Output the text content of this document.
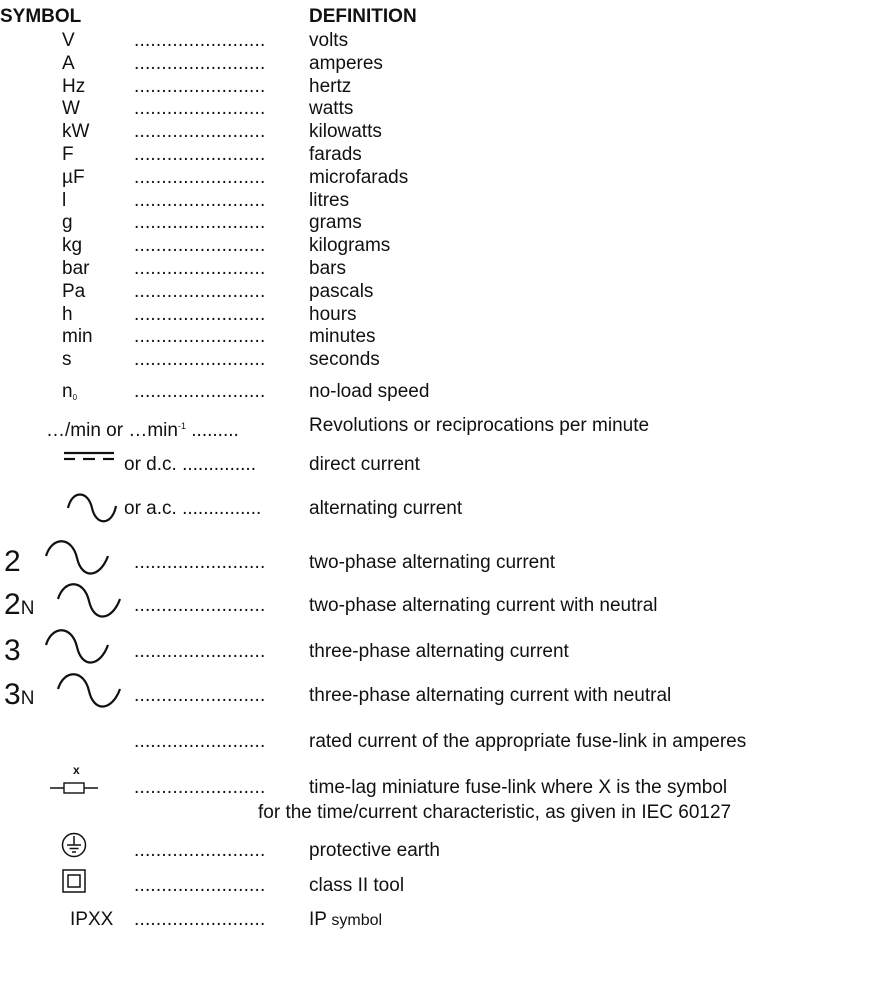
SYMBOL	DEFINITION
V	........................ volts
A	........................ amperes
Hz	........................ hertz
W	........................ watts
kW ........................ kilowatts
F	........................ farads
µF	........................ microfarads
l	........................ litres
g	........................ grams
kg	........................ kilograms
bar ........................ bars
Pa	........................ pascals
h	........................ hours
min ........................ minutes
s	........................ seconds
$n_0$	........................ no-load speed
…/min or $\dots\min^{-1}$ .........	Revolutions or reciprocations per minute
or d.c. ..............	direct current
or a.c. ...............	alternating current
2	........................ two-phase alternating current
2N	........................ two-phase alternating current with neutral
3	........................ three-phase alternating current
3N	........................ three-phase alternating current with neutral
........................ rated current of the appropriate fuse-link in amperes
x
........................ time-lag miniature fuse-link where X is the symbol
for the time/current characteristic, as given in IEC 60127
........................ protective earth
........................ class II tool
IPXX ........................ IP symbol
